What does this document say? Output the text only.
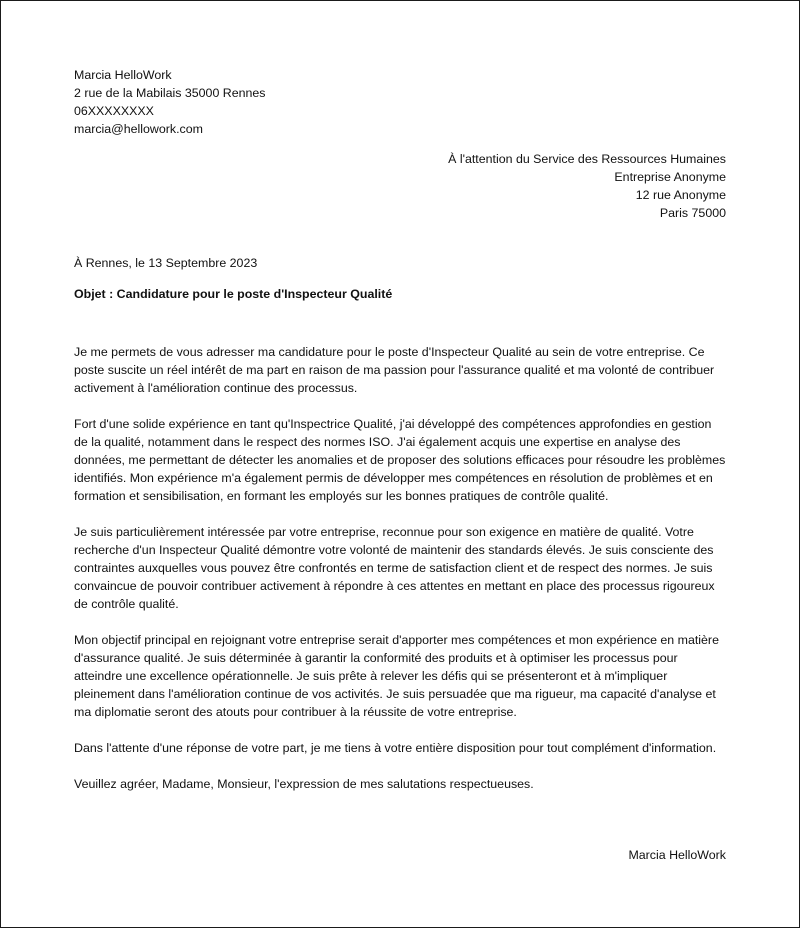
Marcia HelloWork
2 rue de la Mabilais 35000 Rennes
06XXXXXXXX
marcia@hellowork.com
À l'attention du Service des Ressources Humaines
Entreprise Anonyme
12 rue Anonyme
Paris 75000
À Rennes, le 13 Septembre 2023
Objet : Candidature pour le poste d'Inspecteur Qualité

Je me permets de vous adresser ma candidature pour le poste d'Inspecteur Qualité au sein de votre entreprise. Ce poste suscite un réel intérêt de ma part en raison de ma passion pour l'assurance qualité et ma volonté de contribuer activement à l'amélioration continue des processus.

Fort d'une solide expérience en tant qu'Inspectrice Qualité, j'ai développé des compétences approfondies en gestion de la qualité, notamment dans le respect des normes ISO. J'ai également acquis une expertise en analyse des données, me permettant de détecter les anomalies et de proposer des solutions efficaces pour résoudre les problèmes identifiés. Mon expérience m'a également permis de développer mes compétences en résolution de problèmes et en formation et sensibilisation, en formant les employés sur les bonnes pratiques de contrôle qualité.

Je suis particulièrement intéressée par votre entreprise, reconnue pour son exigence en matière de qualité. Votre recherche d'un Inspecteur Qualité démontre votre volonté de maintenir des standards élevés. Je suis consciente des contraintes auxquelles vous pouvez être confrontés en terme de satisfaction client et de respect des normes. Je suis convaincue de pouvoir contribuer activement à répondre à ces attentes en mettant en place des processus rigoureux de contrôle qualité.

Mon objectif principal en rejoignant votre entreprise serait d'apporter mes compétences et mon expérience en matière d'assurance qualité. Je suis déterminée à garantir la conformité des produits et à optimiser les processus pour atteindre une excellence opérationnelle. Je suis prête à relever les défis qui se présenteront et à m'impliquer pleinement dans l'amélioration continue de vos activités. Je suis persuadée que ma rigueur, ma capacité d'analyse et ma diplomatie seront des atouts pour contribuer à la réussite de votre entreprise.

Dans l'attente d'une réponse de votre part, je me tiens à votre entière disposition pour tout complément d'information.

Veuillez agréer, Madame, Monsieur, l'expression de mes salutations respectueuses.

Marcia HelloWork
